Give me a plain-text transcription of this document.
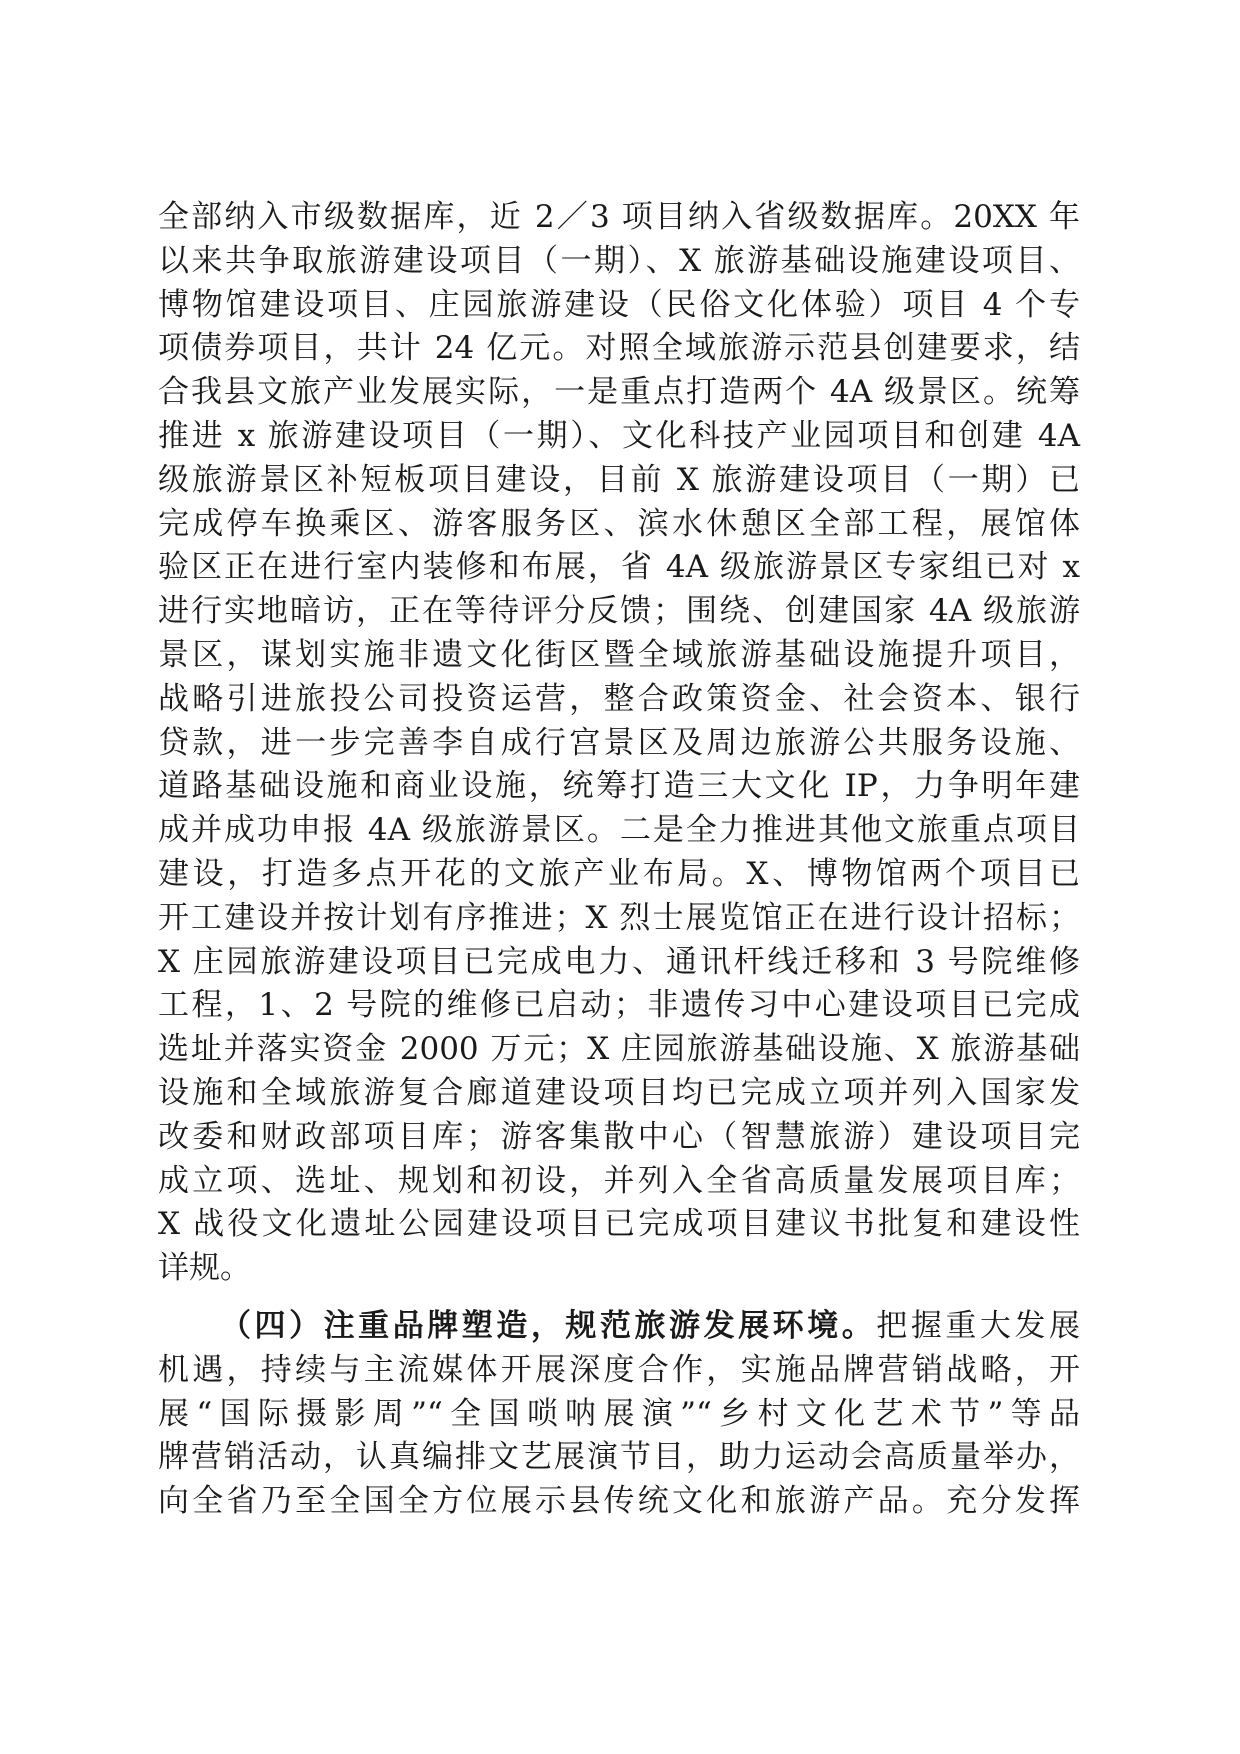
全部纳入市级数据库，近 2／3 项目纳入省级数据库。20XX 年
以来共争取旅游建设项目（一期）、X 旅游基础设施建设项目、
博物馆建设项目、庄园旅游建设（民俗文化体验）项目 4 个专
项债券项目，共计 24 亿元。对照全域旅游示范县创建要求，结
合我县文旅产业发展实际，一是重点打造两个 4A 级景区。统筹
推进 x 旅游建设项目（一期）、文化科技产业园项目和创建 4A
级旅游景区补短板项目建设，目前 X 旅游建设项目（一期）已
完成停车换乘区、游客服务区、滨水休憩区全部工程，展馆体
验区正在进行室内装修和布展，省 4A 级旅游景区专家组已对 x
进行实地暗访，正在等待评分反馈；围绕、创建国家 4A 级旅游
景区，谋划实施非遗文化街区暨全域旅游基础设施提升项目，
战略引进旅投公司投资运营，整合政策资金、社会资本、银行
贷款，进一步完善李自成行宫景区及周边旅游公共服务设施、
道路基础设施和商业设施，统筹打造三大文化 IP，力争明年建
成并成功申报 4A 级旅游景区。二是全力推进其他文旅重点项目
建设，打造多点开花的文旅产业布局。X、博物馆两个项目已
开工建设并按计划有序推进；X 烈士展览馆正在进行设计招标；
X 庄园旅游建设项目已完成电力、通讯杆线迁移和 3 号院维修
工程，1、2 号院的维修已启动；非遗传习中心建设项目已完成
选址并落实资金 2000 万元；X 庄园旅游基础设施、X 旅游基础
设施和全域旅游复合廊道建设项目均已完成立项并列入国家发
改委和财政部项目库；游客集散中心（智慧旅游）建设项目完
成立项、选址、规划和初设，并列入全省高质量发展项目库；
X 战役文化遗址公园建设项目已完成项目建议书批复和建设性
详规。
（四）注重品牌塑造，规范旅游发展环境。把握重大发展
机遇，持续与主流媒体开展深度合作，实施品牌营销战略，开
展“国际摄影周”“全国唢呐展演”“乡村文化艺术节”等品
牌营销活动，认真编排文艺展演节目，助力运动会高质量举办，
向全省乃至全国全方位展示县传统文化和旅游产品。充分发挥
